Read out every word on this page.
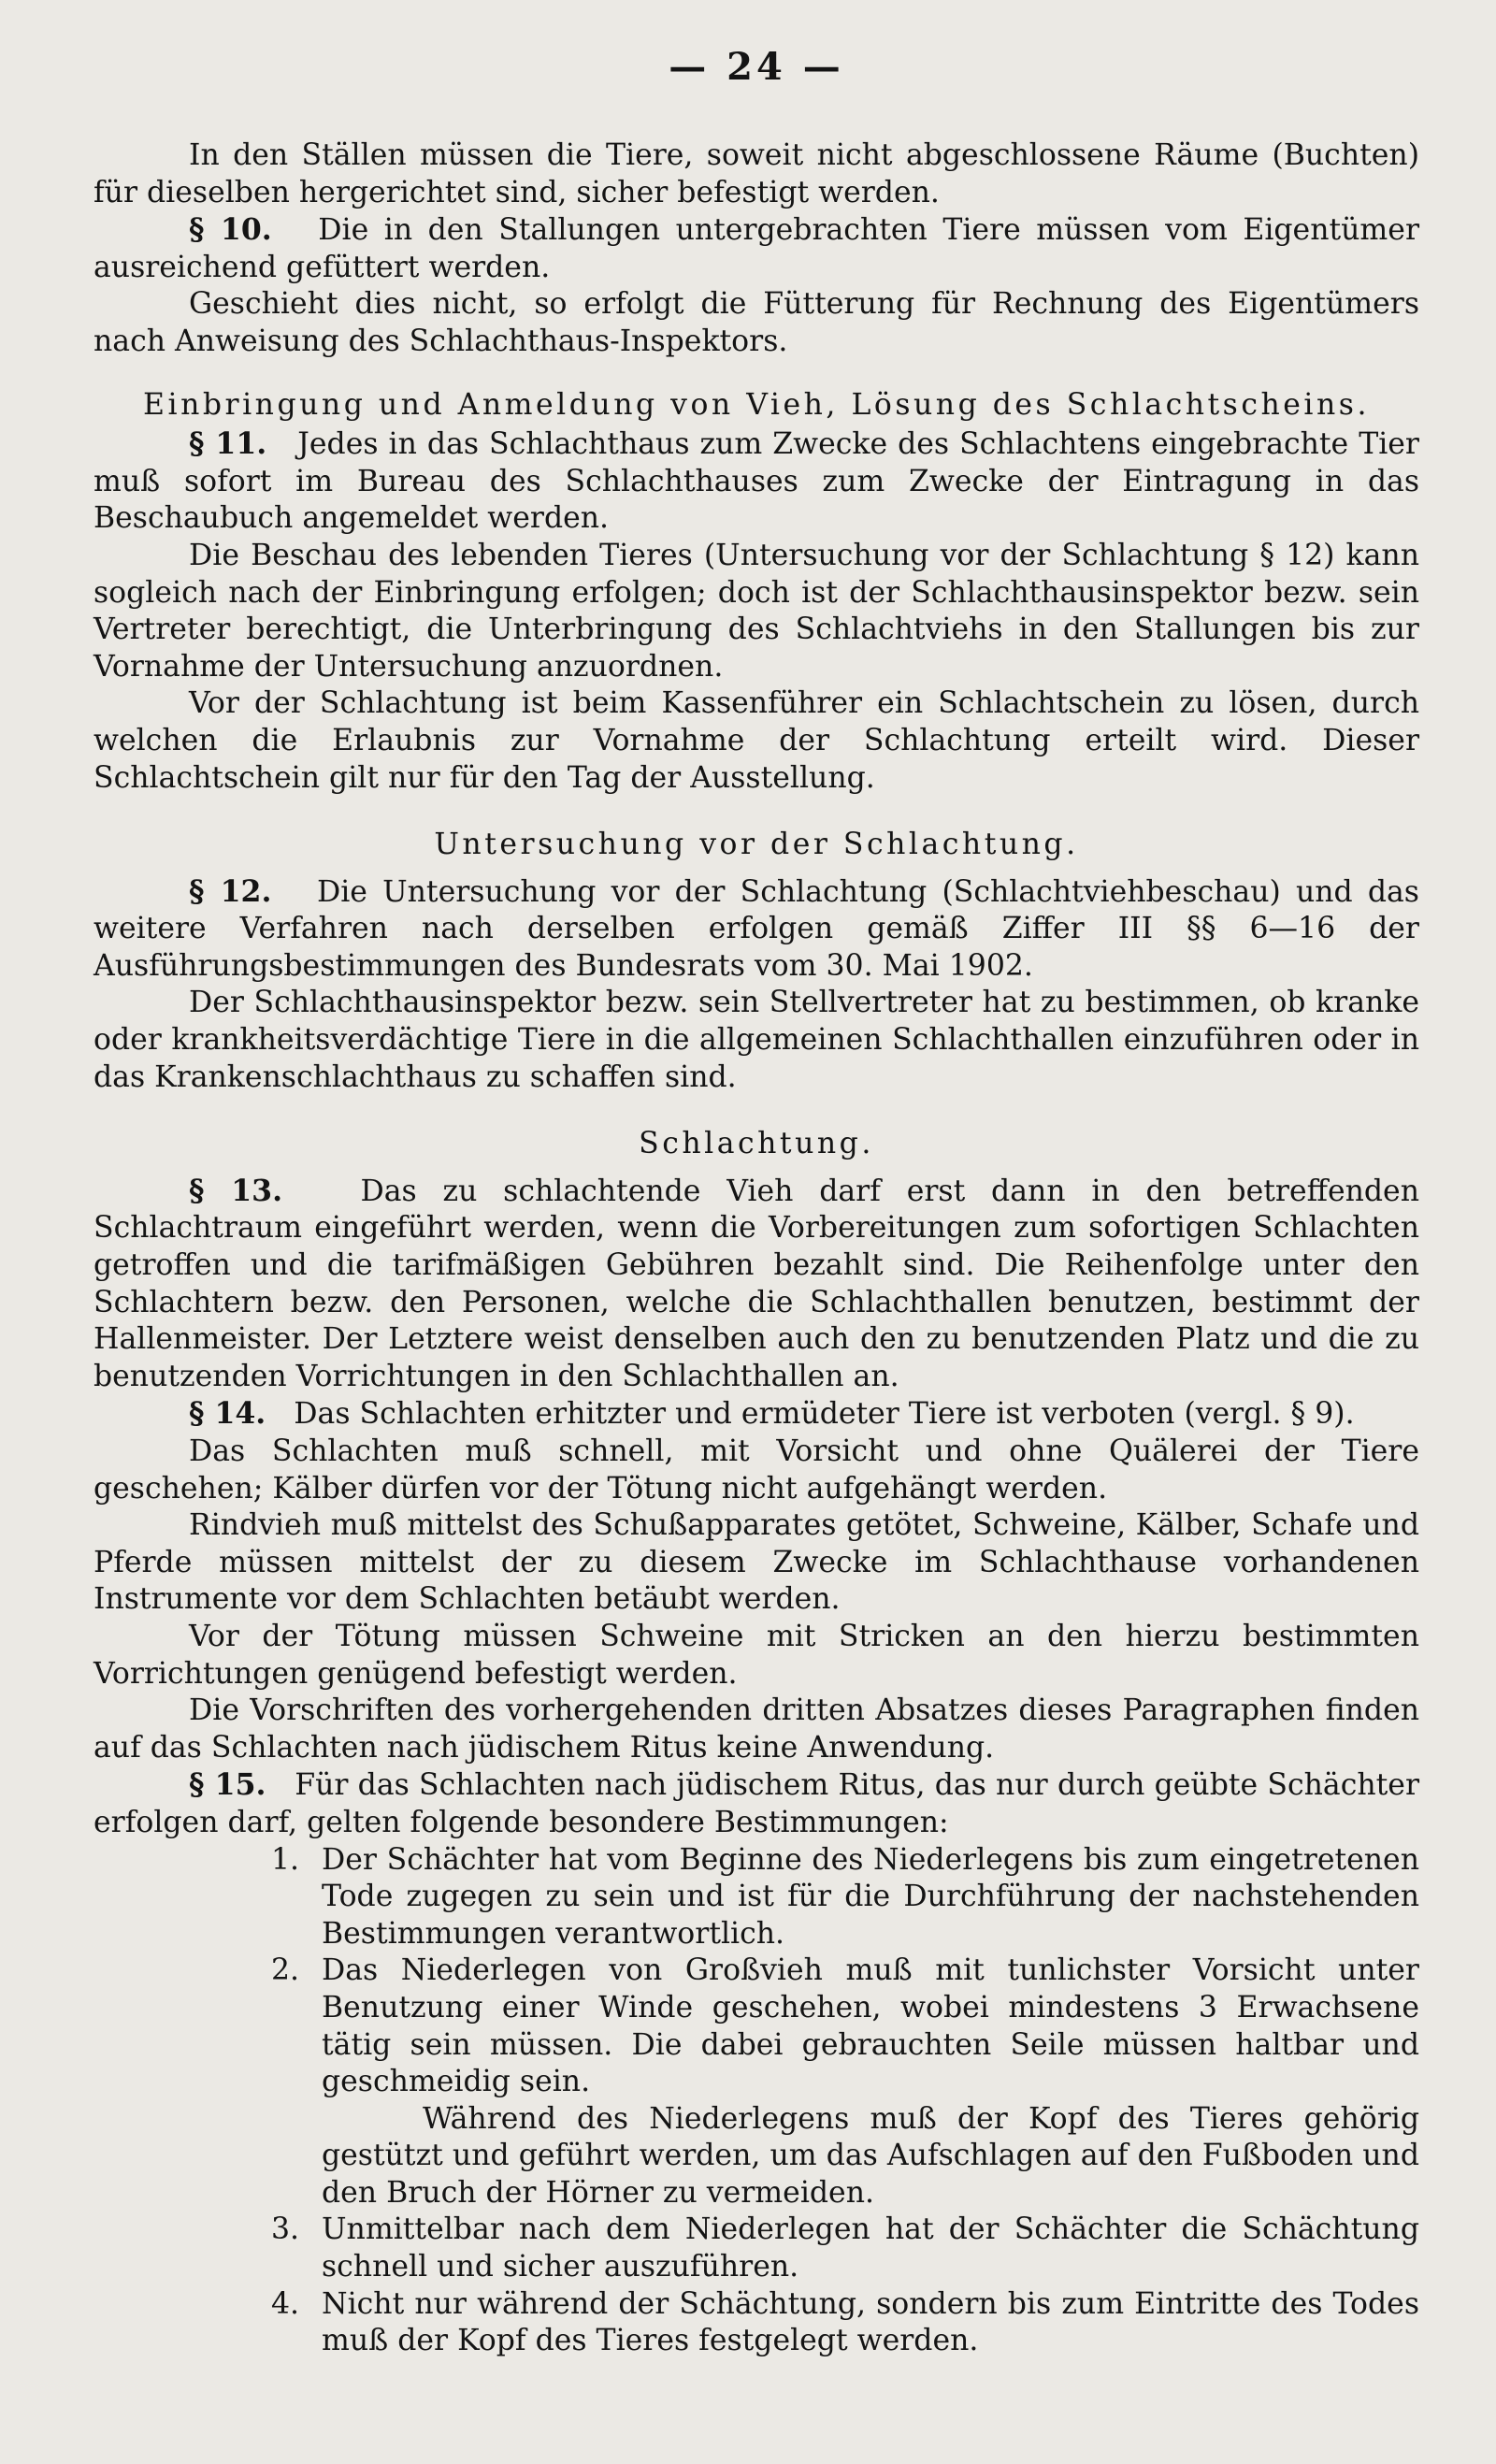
— 24 —

In den Ställen müssen die Tiere, soweit nicht abgeschlossene Räume (Buchten) für dieselben hergerichtet sind, sicher befestigt werden.

§ 10. Die in den Stallungen untergebrachten Tiere müssen vom Eigentümer ausreichend gefüttert werden.

Geschieht dies nicht, so erfolgt die Fütterung für Rechnung des Eigentümers nach Anweisung des Schlachthaus-Inspektors.

Einbringung und Anmeldung von Vieh, Lösung des Schlachtscheins.

§ 11. Jedes in das Schlachthaus zum Zwecke des Schlachtens eingebrachte Tier muß sofort im Bureau des Schlachthauses zum Zwecke der Eintragung in das Beschaubuch angemeldet werden.

Die Beschau des lebenden Tieres (Untersuchung vor der Schlachtung § 12) kann sogleich nach der Einbringung erfolgen; doch ist der Schlachthausinspektor bezw. sein Vertreter berechtigt, die Unterbringung des Schlachtviehs in den Stallungen bis zur Vornahme der Untersuchung anzuordnen.

Vor der Schlachtung ist beim Kassenführer ein Schlachtschein zu lösen, durch welchen die Erlaubnis zur Vornahme der Schlachtung erteilt wird. Dieser Schlachtschein gilt nur für den Tag der Ausstellung.

Untersuchung vor der Schlachtung.

§ 12. Die Untersuchung vor der Schlachtung (Schlachtviehbeschau) und das weitere Verfahren nach derselben erfolgen gemäß Ziffer III §§ 6—16 der Ausführungsbestimmungen des Bundesrats vom 30. Mai 1902.

Der Schlachthausinspektor bezw. sein Stellvertreter hat zu bestimmen, ob kranke oder krankheitsverdächtige Tiere in die allgemeinen Schlachthallen einzuführen oder in das Krankenschlachthaus zu schaffen sind.

Schlachtung.

§ 13.	Das zu schlachtende Vieh darf erst dann in den betreffenden Schlachtraum eingeführt werden, wenn die Vorbereitungen zum sofortigen Schlachten getroffen und die tarifmäßigen Gebühren bezahlt sind. Die Reihenfolge unter den Schlachtern bezw. den Personen, welche die Schlachthallen benutzen, bestimmt der Hallenmeister. Der Letztere weist denselben auch den zu benutzenden Platz und die zu benutzenden Vorrichtungen in den Schlachthallen an.

§ 14. Das Schlachten erhitzter und ermüdeter Tiere ist verboten (vergl. § 9).

Das Schlachten muß schnell, mit Vorsicht und ohne Quälerei der Tiere geschehen; Kälber dürfen vor der Tötung nicht aufgehängt werden.

Rindvieh muß mittelst des Schußapparates getötet, Schweine, Kälber, Schafe und Pferde müssen mittelst der zu diesem Zwecke im Schlachthause vorhandenen Instrumente vor dem Schlachten betäubt werden.

Vor der Tötung müssen Schweine mit Stricken an den hierzu bestimmten Vorrichtungen genügend befestigt werden.

Die Vorschriften des vorhergehenden dritten Absatzes dieses Paragraphen finden auf das Schlachten nach jüdischem Ritus keine Anwendung.

§ 15. Für das Schlachten nach jüdischem Ritus, das nur durch geübte Schächter erfolgen darf, gelten folgende besondere Bestimmungen:

1. Der Schächter hat vom Beginne des Niederlegens bis zum eingetretenen Tode zugegen zu sein und ist für die Durchführung der nachstehenden Bestimmungen verantwortlich.
2. Das Niederlegen von Großvieh muß mit tunlichster Vorsicht unter Benutzung einer Winde geschehen, wobei mindestens 3 Erwachsene tätig sein müssen. Die dabei gebrauchten Seile müssen haltbar und geschmeidig sein.

Während des Niederlegens muß der Kopf des Tieres gehörig gestützt und geführt werden, um das Aufschlagen auf den Fußboden und den Bruch der Hörner zu vermeiden.

3. Unmittelbar nach dem Niederlegen hat der Schächter die Schächtung schnell und sicher auszuführen.
4. Nicht nur während der Schächtung, sondern bis zum Eintritte des Todes muß der Kopf des Tieres festgelegt werden.
